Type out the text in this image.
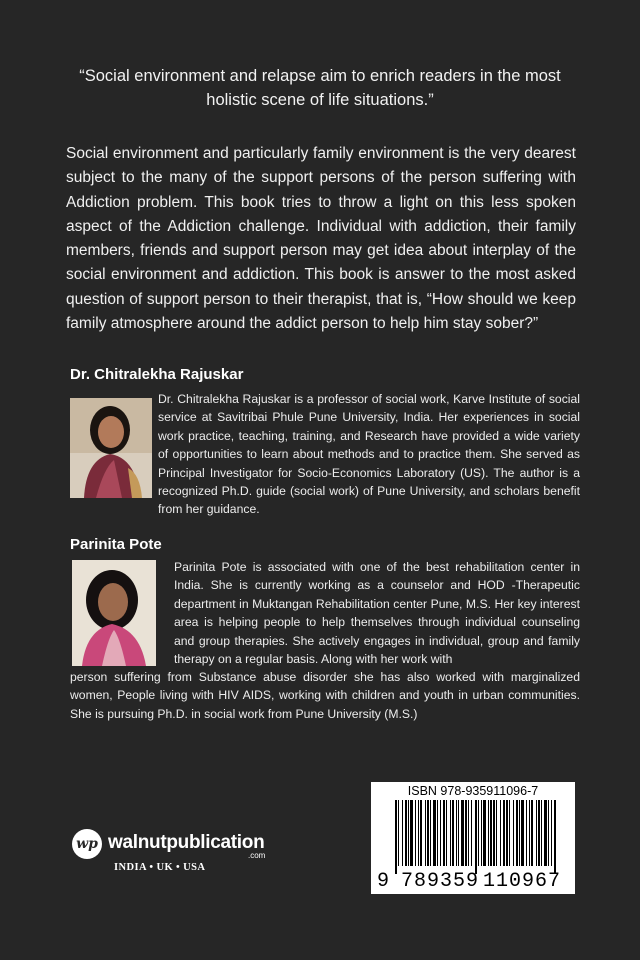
“Social environment and relapse aim to enrich readers in the most holistic scene of life situations.”
Social environment and particularly family environment is the very dearest subject to the many of the support persons of the person suffering with Addiction problem. This book tries to throw a light on this less spoken aspect of the Addiction challenge. Individual with addiction, their family members, friends and support person may get idea about interplay of the social environment and addiction. This book is answer to the most asked question of support person to their therapist, that is, “How should we keep family atmosphere around the addict person to help him stay sober?”
Dr. Chitralekha Rajuskar
Dr. Chitralekha Rajuskar is a professor of social work, Karve Institute of social service at Savitribai Phule Pune University, India. Her experiences in social work practice, teaching, training, and Research have provided a wide variety of opportunities to learn about methods and to practice them. She served as Principal Investigator for Socio-Economics Laboratory (US). The author is a recognized Ph.D. guide (social work) of Pune University, and scholars benefit from her guidance.
Parinita Pote
Parinita Pote is associated with one of the best rehabilitation center in India. She is currently working as a counselor and HOD -Therapeutic department in Muktangan Rehabilitation center Pune, M.S. Her key interest area is helping people to help themselves through individual counseling and group therapies. She actively engages in individual, group and family therapy on a regular basis. Along with her work with
person suffering from Substance abuse disorder she has also worked with marginalized women, People living with HIV AIDS, working with children and youth in urban communities. She is pursuing Ph.D. in social work from Pune University (M.S.)
wp walnutpublication
.com
INDIA • UK • USA
ISBN 978-935911096-7
9 789359 110967
